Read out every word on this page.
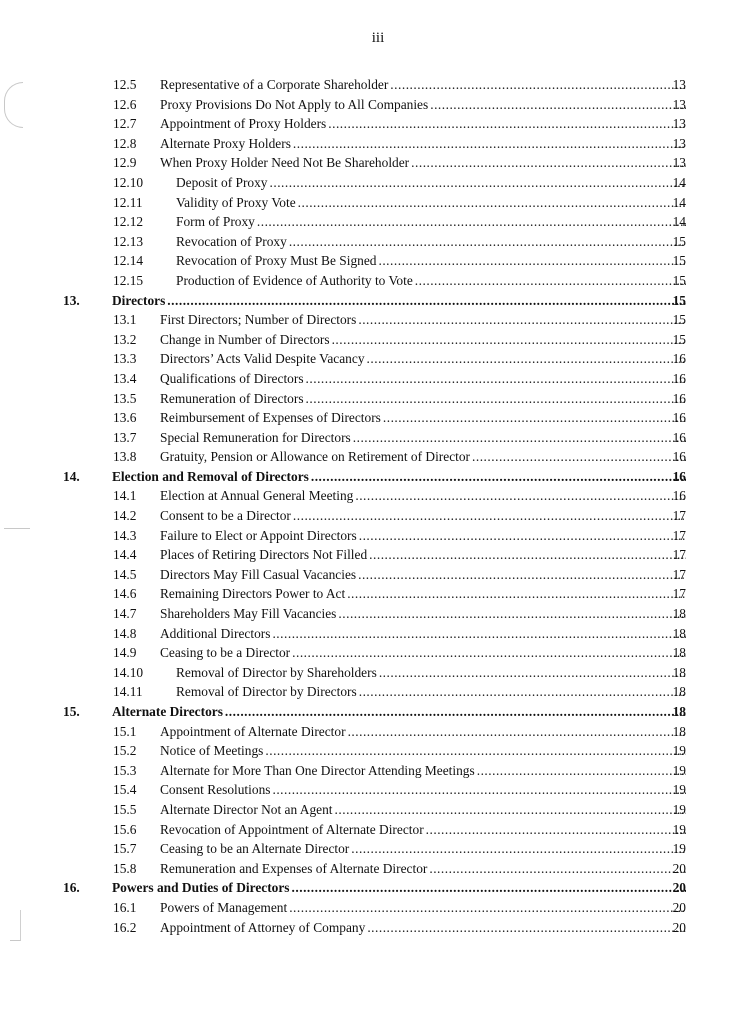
iii
12.5 Representative of a Corporate Shareholder .....	13
12.6 Proxy Provisions Do Not Apply to All Companies .....	13
12.7 Appointment of Proxy Holders .....	13
12.8 Alternate Proxy Holders .....	13
12.9 When Proxy Holder Need Not Be Shareholder .....	13
12.10 Deposit of Proxy .....	14
12.11 Validity of Proxy Vote .....	14
12.12 Form of Proxy .....	14
12.13 Revocation of Proxy .....	15
12.14 Revocation of Proxy Must Be Signed .....	15
12.15 Production of Evidence of Authority to Vote .....	15
13. Directors .....	15
13.1 First Directors; Number of Directors .....	15
13.2 Change in Number of Directors .....	15
13.3 Directors’ Acts Valid Despite Vacancy .....	16
13.4 Qualifications of Directors .....	16
13.5 Remuneration of Directors .....	16
13.6 Reimbursement of Expenses of Directors .....	16
13.7 Special Remuneration for Directors .....	16
13.8 Gratuity, Pension or Allowance on Retirement of Director .....	16
14. Election and Removal of Directors .....	16
14.1 Election at Annual General Meeting .....	16
14.2 Consent to be a Director .....	17
14.3 Failure to Elect or Appoint Directors .....	17
14.4 Places of Retiring Directors Not Filled .....	17
14.5 Directors May Fill Casual Vacancies .....	17
14.6 Remaining Directors Power to Act .....	17
14.7 Shareholders May Fill Vacancies .....	18
14.8 Additional Directors .....	18
14.9 Ceasing to be a Director .....	18
14.10 Removal of Director by Shareholders .....	18
14.11 Removal of Director by Directors .....	18
15. Alternate Directors .....	18
15.1 Appointment of Alternate Director .....	18
15.2 Notice of Meetings .....	19
15.3 Alternate for More Than One Director Attending Meetings .....	19
15.4 Consent Resolutions .....	19
15.5 Alternate Director Not an Agent .....	19
15.6 Revocation of Appointment of Alternate Director .....	19
15.7 Ceasing to be an Alternate Director .....	19
15.8 Remuneration and Expenses of Alternate Director .....	20
16. Powers and Duties of Directors .....	20
16.1 Powers of Management .....	20
16.2 Appointment of Attorney of Company .....	20
